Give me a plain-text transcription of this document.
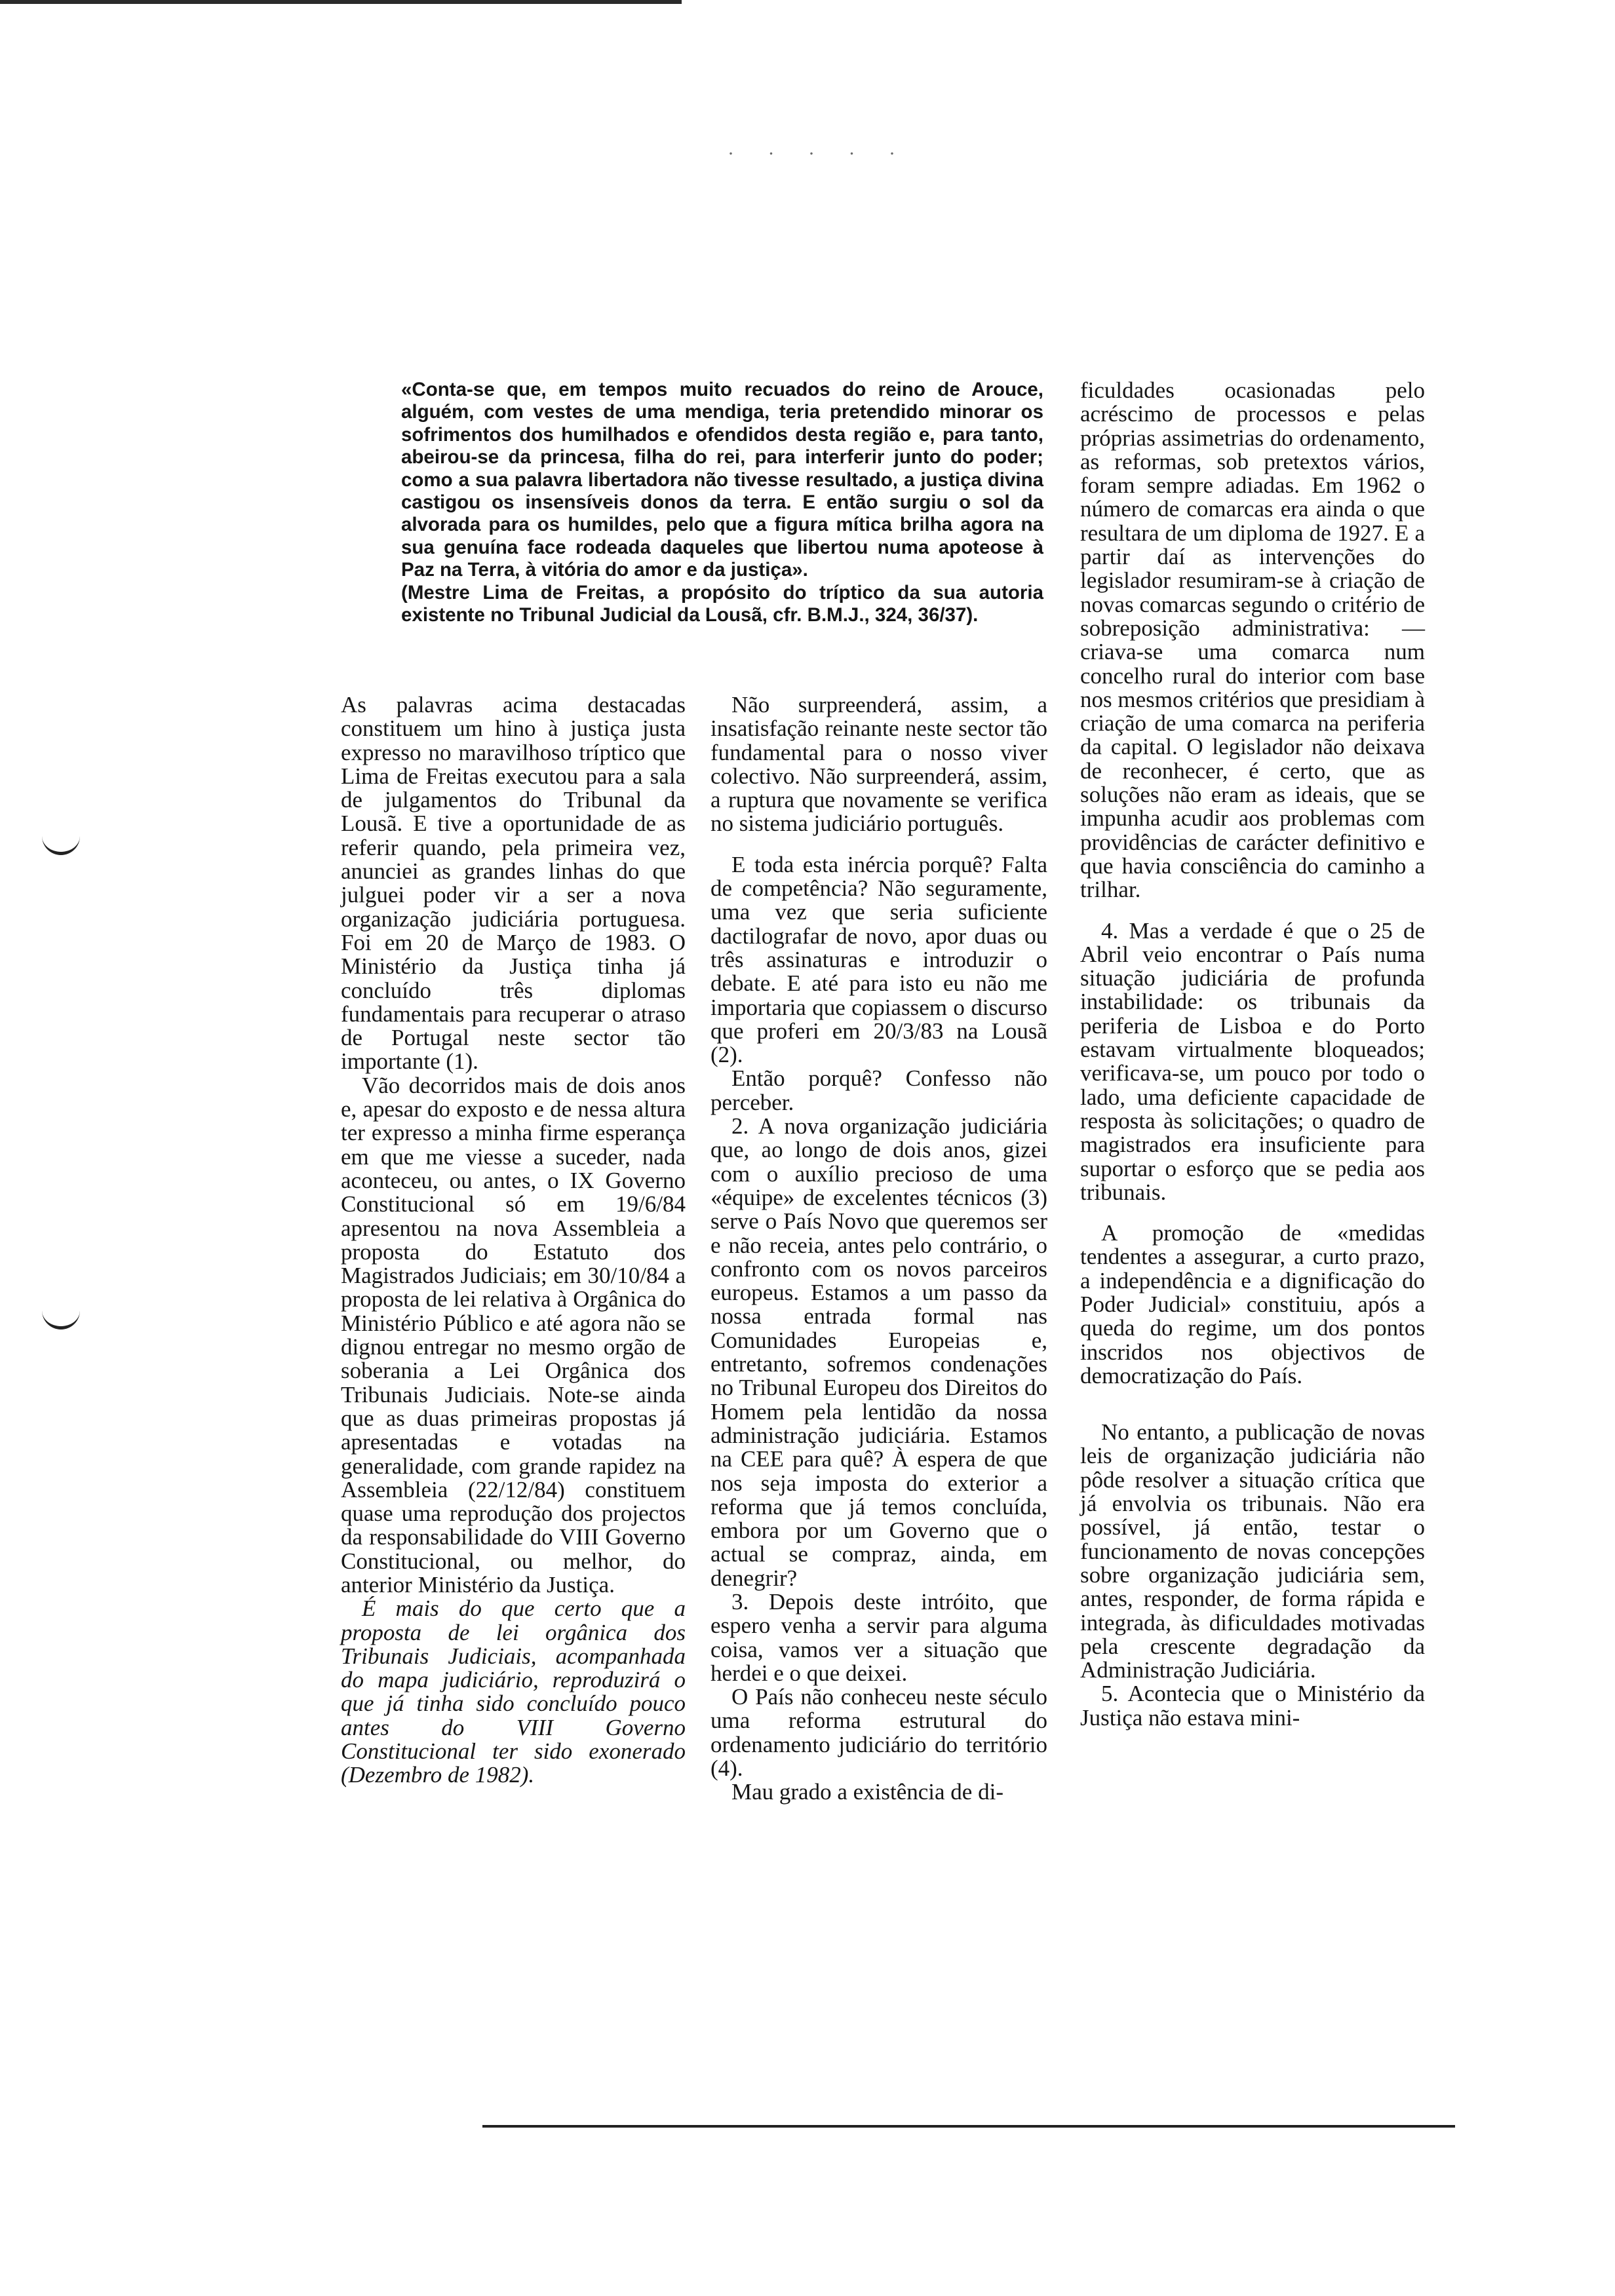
· · · · ·

«Conta-se que, em tempos muito recuados do reino de Arouce, alguém, com vestes de uma mendiga, teria pretendido minorar os sofrimentos dos humilhados e ofendidos desta região e, para tanto, abeirou-se da princesa, filha do rei, para interferir junto do poder; como a sua palavra libertadora não tivesse resultado, a justiça divina castigou os insensíveis donos da terra. E então surgiu o sol da alvorada para os humildes, pelo que a figura mítica brilha agora na sua genuína face rodeada daqueles que libertou numa apoteose à Paz na Terra, à vitória do amor e da justiça».

(Mestre Lima de Freitas, a propósito do tríptico da sua autoria existente no Tribunal Judicial da Lousã, cfr. B.M.J., 324, 36/37).

As palavras acima destacadas constituem um hino à justiça justa expresso no maravilhoso tríptico que Lima de Freitas executou para a sala de julgamentos do Tribunal da Lousã. E tive a oportunidade de as referir quando, pela primeira vez, anunciei as grandes linhas do que julguei poder vir a ser a nova organização judiciária portuguesa. Foi em 20 de Março de 1983. O Ministério da Justiça tinha já concluído três diplomas fundamentais para recuperar o atraso de Portugal neste sector tão importante (1).

Vão decorridos mais de dois anos e, apesar do exposto e de nessa altura ter expresso a minha firme esperança em que me viesse a suceder, nada aconteceu, ou antes, o IX Governo Constitucional só em 19/6/84 apresentou na nova Assembleia a proposta do Estatuto dos Magistrados Judiciais; em 30/10/84 a proposta de lei relativa à Orgânica do Ministério Público e até agora não se dignou entregar no mesmo orgão de soberania a Lei Orgânica dos Tribunais Judiciais. Note-se ainda que as duas primeiras propostas já apresentadas e votadas na generalidade, com grande rapidez na Assembleia (22/12/84) constituem quase uma reprodução dos projectos da responsabilidade do VIII Governo Constitucional, ou melhor, do anterior Ministério da Justiça.

É mais do que certo que a proposta de lei orgânica dos Tribunais Judiciais, acompanhada do mapa judiciário, reproduzirá o que já tinha sido concluído pouco antes do VIII Governo Constitucional ter sido exonerado (Dezembro de 1982).

Não surpreenderá, assim, a insatisfação reinante neste sector tão fundamental para o nosso viver colectivo. Não surpreenderá, assim, a ruptura que novamente se verifica no sistema judiciário português.

E toda esta inércia porquê? Falta de competência? Não seguramente, uma vez que seria suficiente dactilografar de novo, apor duas ou três assinaturas e introduzir o debate. E até para isto eu não me importaria que copiassem o discurso que proferi em 20/3/83 na Lousã (2).

Então porquê? Confesso não perceber.

2. A nova organização judiciária que, ao longo de dois anos, gizei com o auxílio precioso de uma «équipe» de excelentes técnicos (3) serve o País Novo que queremos ser e não receia, antes pelo contrário, o confronto com os novos parceiros europeus. Estamos a um passo da nossa entrada formal nas Comunidades Europeias e, entretanto, sofremos condenações no Tribunal Europeu dos Direitos do Homem pela lentidão da nossa administração judiciária. Estamos na CEE para quê? À espera de que nos seja imposta do exterior a reforma que já temos concluída, embora por um Governo que o actual se compraz, ainda, em denegrir?

3. Depois deste intróito, que espero venha a servir para alguma coisa, vamos ver a situação que herdei e o que deixei.

O País não conheceu neste século uma reforma estrutural do ordenamento judiciário do território (4).

Mau grado a existência de di-

ficuldades ocasionadas pelo acréscimo de processos e pelas próprias assimetrias do ordenamento, as reformas, sob pretextos vários, foram sempre adiadas. Em 1962 o número de comarcas era ainda o que resultara de um diploma de 1927. E a partir daí as intervenções do legislador resumiram-se à criação de novas comarcas segundo o critério de sobreposição administrativa: — criava-se uma comarca num concelho rural do interior com base nos mesmos critérios que presidiam à criação de uma comarca na periferia da capital. O legislador não deixava de reconhecer, é certo, que as soluções não eram as ideais, que se impunha acudir aos problemas com providências de carácter definitivo e que havia consciência do caminho a trilhar.

4. Mas a verdade é que o 25 de Abril veio encontrar o País numa situação judiciária de profunda instabilidade: os tribunais da periferia de Lisboa e do Porto estavam virtualmente bloqueados; verificava-se, um pouco por todo o lado, uma deficiente capacidade de resposta às solicitações; o quadro de magistrados era insuficiente para suportar o esforço que se pedia aos tribunais.

A promoção de «medidas tendentes a assegurar, a curto prazo, a independência e a dignificação do Poder Judicial» constituiu, após a queda do regime, um dos pontos inscridos nos objectivos de democratização do País.

No entanto, a publicação de novas leis de organização judiciária não pôde resolver a situação crítica que já envolvia os tribunais. Não era possível, já então, testar o funcionamento de novas concepções sobre organização judiciária sem, antes, responder, de forma rápida e integrada, às dificuldades motivadas pela crescente degradação da Administração Judiciária.

5. Acontecia que o Ministério da Justiça não estava mini-
